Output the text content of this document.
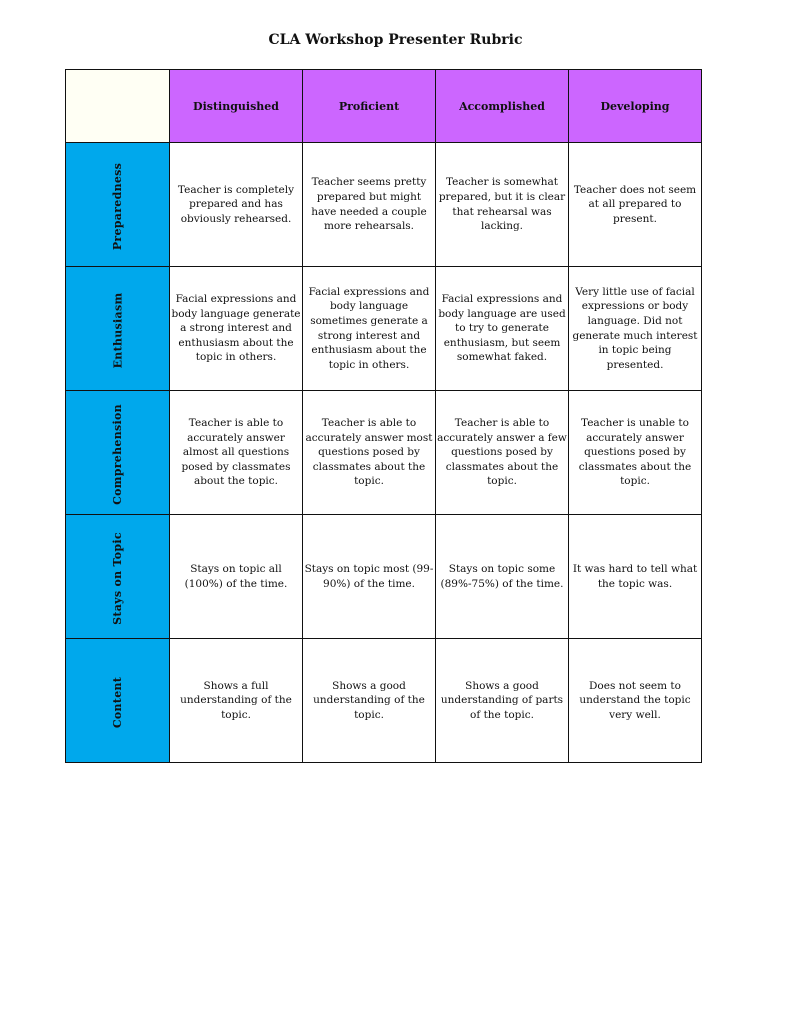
CLA Workshop Presenter Rubric
	Distinguished	Proficient	Accomplished	Developing
Preparedness	Teacher is completely prepared and has obviously rehearsed.	Teacher seems pretty prepared but might have needed a couple more rehearsals.	Teacher is somewhat prepared, but it is clear that rehearsal was lacking.	Teacher does not seem at all prepared to present.

Enthusiasm	Facial expressions and body language generate a strong interest and enthusiasm about the topic in others.	Facial expressions and body language sometimes generate a strong interest and enthusiasm about the topic in others.	Facial expressions and body language are used to try to generate enthusiasm, but seem somewhat faked.	Very little use of facial expressions or body language. Did not generate much interest in topic being presented.

Comprehension	Teacher is able to accurately answer almost all questions posed by classmates about the topic.	Teacher is able to accurately answer most questions posed by classmates about the topic.	Teacher is able to accurately answer a few questions posed by classmates about the topic.	Teacher is unable to accurately answer questions posed by classmates about the topic.

Stays on Topic	Stays on topic all (100%) of the time.	Stays on topic most (99-90%) of the time.	Stays on topic some (89%-75%) of the time.	It was hard to tell what the topic was.

Content	Shows a full understanding of the topic.	Shows a good understanding of the topic.	Shows a good understanding of parts of the topic.	Does not seem to understand the topic very well.
